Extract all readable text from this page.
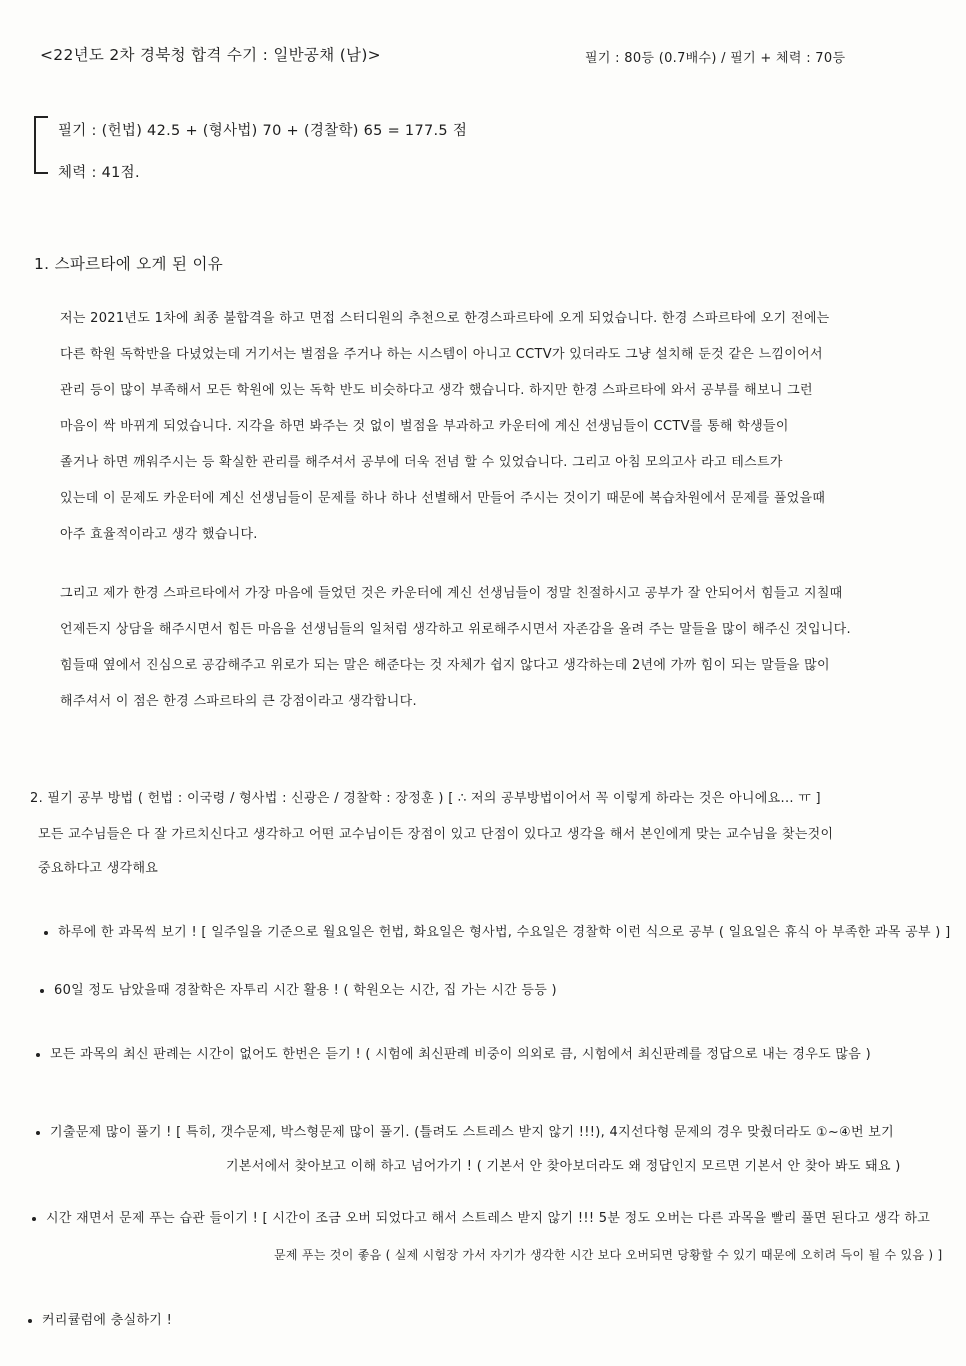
<22년도 2차 경북청 합격 수기 : 일반공채 (남)>	필기 : 80등 (0.7배수) / 필기 + 체력 : 70등
필기 : (헌법) 42.5 + (형사법) 70 + (경찰학) 65 = 177.5 점
체력 : 41점.
1. 스파르타에 오게 된 이유
저는 2021년도 1차에 최종 불합격을 하고 면접 스터디원의 추천으로 한경스파르타에 오게 되었습니다. 한경 스파르타에 오기 전에는
다른 학원 독학반을 다녔었는데 거기서는 벌점을 주거나 하는 시스템이 아니고 CCTV가 있더라도 그냥 설치해 둔것 같은 느낌이어서
관리 등이 많이 부족해서 모든 학원에 있는 독학 반도 비슷하다고 생각 했습니다. 하지만 한경 스파르타에 와서 공부를 해보니 그런
마음이 싹 바뀌게 되었습니다. 지각을 하면 봐주는 것 없이 벌점을 부과하고 카운터에 계신 선생님들이 CCTV를 통해 학생들이
졸거나 하면 깨워주시는 등 확실한 관리를 해주셔서 공부에 더욱 전념 할 수 있었습니다. 그리고 아침 모의고사 라고 테스트가
있는데 이 문제도 카운터에 계신 선생님들이 문제를 하나 하나 선별해서 만들어 주시는 것이기 때문에 복습차원에서 문제를 풀었을때
아주 효율적이라고 생각 했습니다.
그리고 제가 한경 스파르타에서 가장 마음에 들었던 것은 카운터에 계신 선생님들이 정말 친절하시고 공부가 잘 안되어서 힘들고 지칠때
언제든지 상담을 해주시면서 힘든 마음을 선생님들의 일처럼 생각하고 위로해주시면서 자존감을 올려 주는 말들을 많이 해주신 것입니다.
힘들때 옆에서 진심으로 공감해주고 위로가 되는 말은 해준다는 것 자체가 쉽지 않다고 생각하는데 2년에 가까 힘이 되는 말들을 많이
해주셔서 이 점은 한경 스파르타의 큰 강점이라고 생각합니다.
2. 필기 공부 방법 ( 헌법 : 이국령 / 형사법 : 신광은 / 경찰학 : 장정훈 ) [ ∴ 저의 공부방법이어서 꼭 이렇게 하라는 것은 아니에요... ㅠ ]
모든 교수님들은 다 잘 가르치신다고 생각하고 어떤 교수님이든 장점이 있고 단점이 있다고 생각을 해서 본인에게 맞는 교수님을 찾는것이
중요하다고 생각해요
하루에 한 과목씩 보기 ! [ 일주일을 기준으로 월요일은 헌법, 화요일은 형사법, 수요일은 경찰학 이런 식으로 공부 ( 일요일은 휴식 아 부족한 과목 공부 ) ]
60일 정도 남았을때 경찰학은 자투리 시간 활용 ! ( 학원오는 시간, 집 가는 시간 등등 )
모든 과목의 최신 판례는 시간이 없어도 한번은 듣기 ! ( 시험에 최신판례 비중이 의외로 큼, 시험에서 최신판례를 정답으로 내는 경우도 많음 )
기출문제 많이 풀기 ! [ 특히, 갯수문제, 박스형문제 많이 풀기. (틀려도 스트레스 받지 않기 !!!), 4지선다형 문제의 경우 맞췄더라도 ①~④번 보기
기본서에서 찾아보고 이해 하고 넘어가기 ! ( 기본서 안 찾아보더라도 왜 정답인지 모르면 기본서 안 찾아 봐도 돼요 )
시간 재면서 문제 푸는 습관 들이기 ! [ 시간이 조금 오버 되었다고 해서 스트레스 받지 않기 !!! 5분 정도 오버는 다른 과목을 빨리 풀면 된다고 생각 하고
문제 푸는 것이 좋음 ( 실제 시험장 가서 자기가 생각한 시간 보다 오버되면 당황할 수 있기 때문에 오히려 득이 될 수 있음 ) ]
커리큘럼에 충실하기 !
